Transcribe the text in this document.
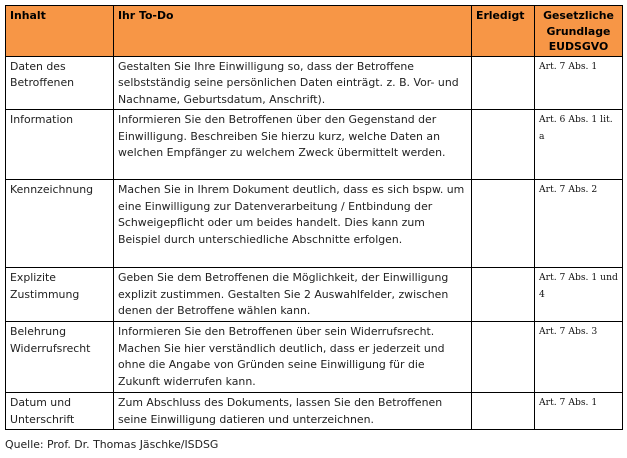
Inhalt	Ihr To-Do	Erledigt	Gesetzliche Grundlage EUDSGVO
Daten des Betroffenen	Gestalten Sie Ihre Einwilligung so, dass der Betroffene selbstständig seine persönlichen Daten einträgt. z. B. Vor- und Nachname, Geburtsdatum, Anschrift).		Art. 7 Abs. 1
Information	Informieren Sie den Betroffenen über den Gegenstand der Einwilligung. Beschreiben Sie hierzu kurz, welche Daten an welchen Empfänger zu welchem Zweck übermittelt werden.		Art. 6 Abs. 1 lit. a
Kennzeichnung	Machen Sie in Ihrem Dokument deutlich, dass es sich bspw. um eine Einwilligung zur Datenverarbeitung / Entbindung der Schweigepflicht oder um beides handelt. Dies kann zum Beispiel durch unterschiedliche Abschnitte erfolgen.		Art. 7 Abs. 2
Explizite Zustimmung	Geben Sie dem Betroffenen die Möglichkeit, der Einwilligung explizit zustimmen. Gestalten Sie 2 Auswahlfelder, zwischen denen der Betroffene wählen kann.		Art. 7 Abs. 1 und 4
Belehrung Widerrufsrecht	Informieren Sie den Betroffenen über sein Widerrufsrecht. Machen Sie hier verständlich deutlich, dass er jederzeit und ohne die Angabe von Gründen seine Einwilligung für die Zukunft widerrufen kann.		Art. 7 Abs. 3
Datum und Unterschrift	Zum Abschluss des Dokuments, lassen Sie den Betroffenen seine Einwilligung datieren und unterzeichnen.		Art. 7 Abs. 1
Quelle: Prof. Dr. Thomas Jäschke/ISDSG
